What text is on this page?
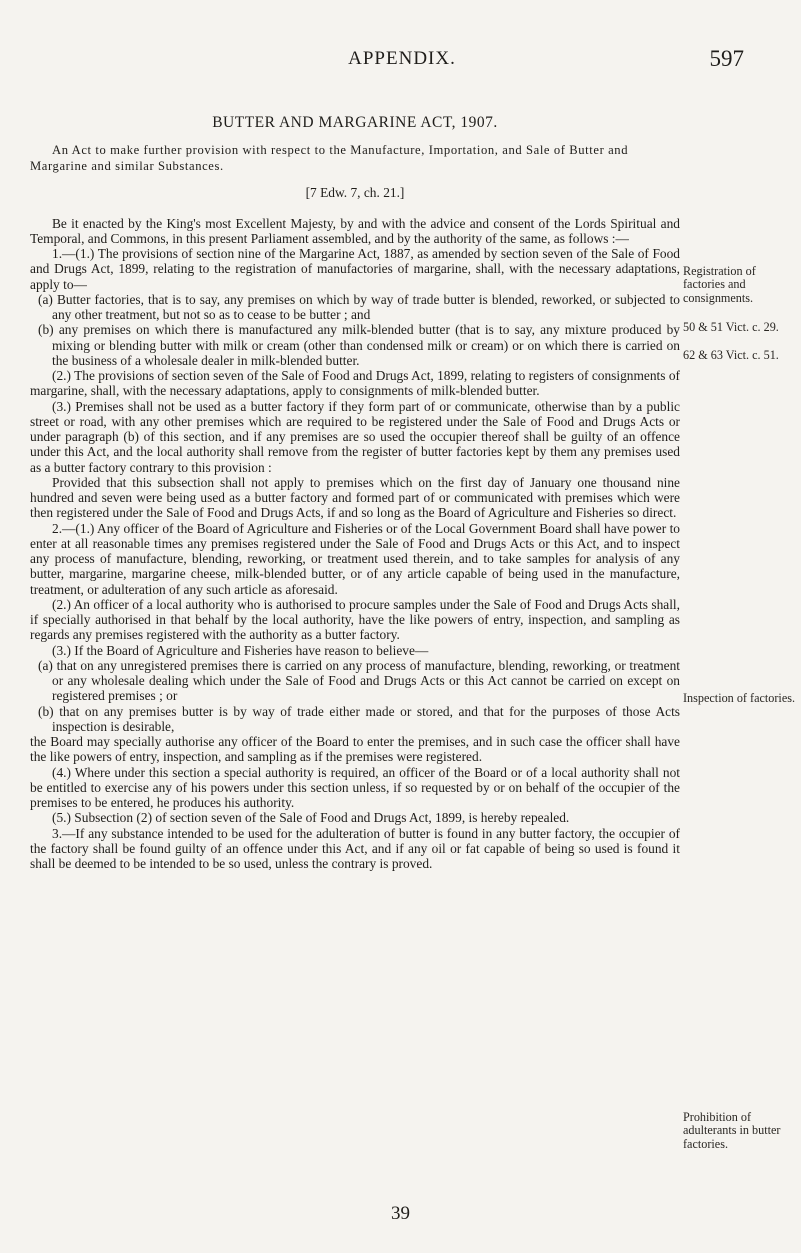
APPENDIX.	597
BUTTER AND MARGARINE ACT, 1907.
An Act to make further provision with respect to the Manufacture, Importation, and Sale of Butter and Margarine and similar Substances.
[7 Edw. 7, ch. 21.]

Be it enacted by the King's most Excellent Majesty, by and with the advice and consent of the Lords Spiritual and Temporal, and Commons, in this present Parliament assembled, and by the authority of the same, as follows :—

1.—(1.) The provisions of section nine of the Margarine Act, 1887, as amended by section seven of the Sale of Food and Drugs Act, 1899, relating to the registration of manufactories of margarine, shall, with the necessary adaptations, apply to—

(a) Butter factories, that is to say, any premises on which by way of trade butter is blended, reworked, or subjected to any other treatment, but not so as to cease to be butter ; and

(b) any premises on which there is manufactured any milk-blended butter (that is to say, any mixture produced by mixing or blending butter with milk or cream (other than condensed milk or cream) or on which there is carried on the business of a wholesale dealer in milk-blended butter.

(2.) The provisions of section seven of the Sale of Food and Drugs Act, 1899, relating to registers of consignments of margarine, shall, with the necessary adaptations, apply to consignments of milk-blended butter.

(3.) Premises shall not be used as a butter factory if they form part of or communicate, otherwise than by a public street or road, with any other premises which are required to be registered under the Sale of Food and Drugs Acts or under paragraph (b) of this section, and if any premises are so used the occupier thereof shall be guilty of an offence under this Act, and the local authority shall remove from the register of butter factories kept by them any premises used as a butter factory contrary to this provision :

Provided that this subsection shall not apply to premises which on the first day of January one thousand nine hundred and seven were being used as a butter factory and formed part of or communicated with premises which were then registered under the Sale of Food and Drugs Acts, if and so long as the Board of Agriculture and Fisheries so direct.

2.—(1.) Any officer of the Board of Agriculture and Fisheries or of the Local Government Board shall have power to enter at all reasonable times any premises registered under the Sale of Food and Drugs Acts or this Act, and to inspect any process of manufacture, blending, reworking, or treatment used therein, and to take samples for analysis of any butter, margarine, margarine cheese, milk-blended butter, or of any article capable of being used in the manufacture, treatment, or adulteration of any such article as aforesaid.

(2.) An officer of a local authority who is authorised to procure samples under the Sale of Food and Drugs Acts shall, if specially authorised in that behalf by the local authority, have the like powers of entry, inspection, and sampling as regards any premises registered with the authority as a butter factory.

(3.) If the Board of Agriculture and Fisheries have reason to believe—

(a) that on any unregistered premises there is carried on any process of manufacture, blending, reworking, or treatment or any wholesale dealing which under the Sale of Food and Drugs Acts or this Act cannot be carried on except on registered premises ; or

(b) that on any premises butter is by way of trade either made or stored, and that for the purposes of those Acts inspection is desirable,

the Board may specially authorise any officer of the Board to enter the premises, and in such case the officer shall have the like powers of entry, inspection, and sampling as if the premises were registered.

(4.) Where under this section a special authority is required, an officer of the Board or of a local authority shall not be entitled to exercise any of his powers under this section unless, if so requested by or on behalf of the occupier of the premises to be entered, he produces his authority.

(5.) Subsection (2) of section seven of the Sale of Food and Drugs Act, 1899, is hereby repealed.

3.—If any substance intended to be used for the adulteration of butter is found in any butter factory, the occupier of the factory shall be found guilty of an offence under this Act, and if any oil or fat capable of being so used is found it shall be deemed to be intended to be so used, unless the contrary is proved.

Registration of factories and consignments.
50 & 51 Vict. c. 29.
62 & 63 Vict. c. 51.
Inspection of factories.
Prohibition of adulterants in butter factories.
39
